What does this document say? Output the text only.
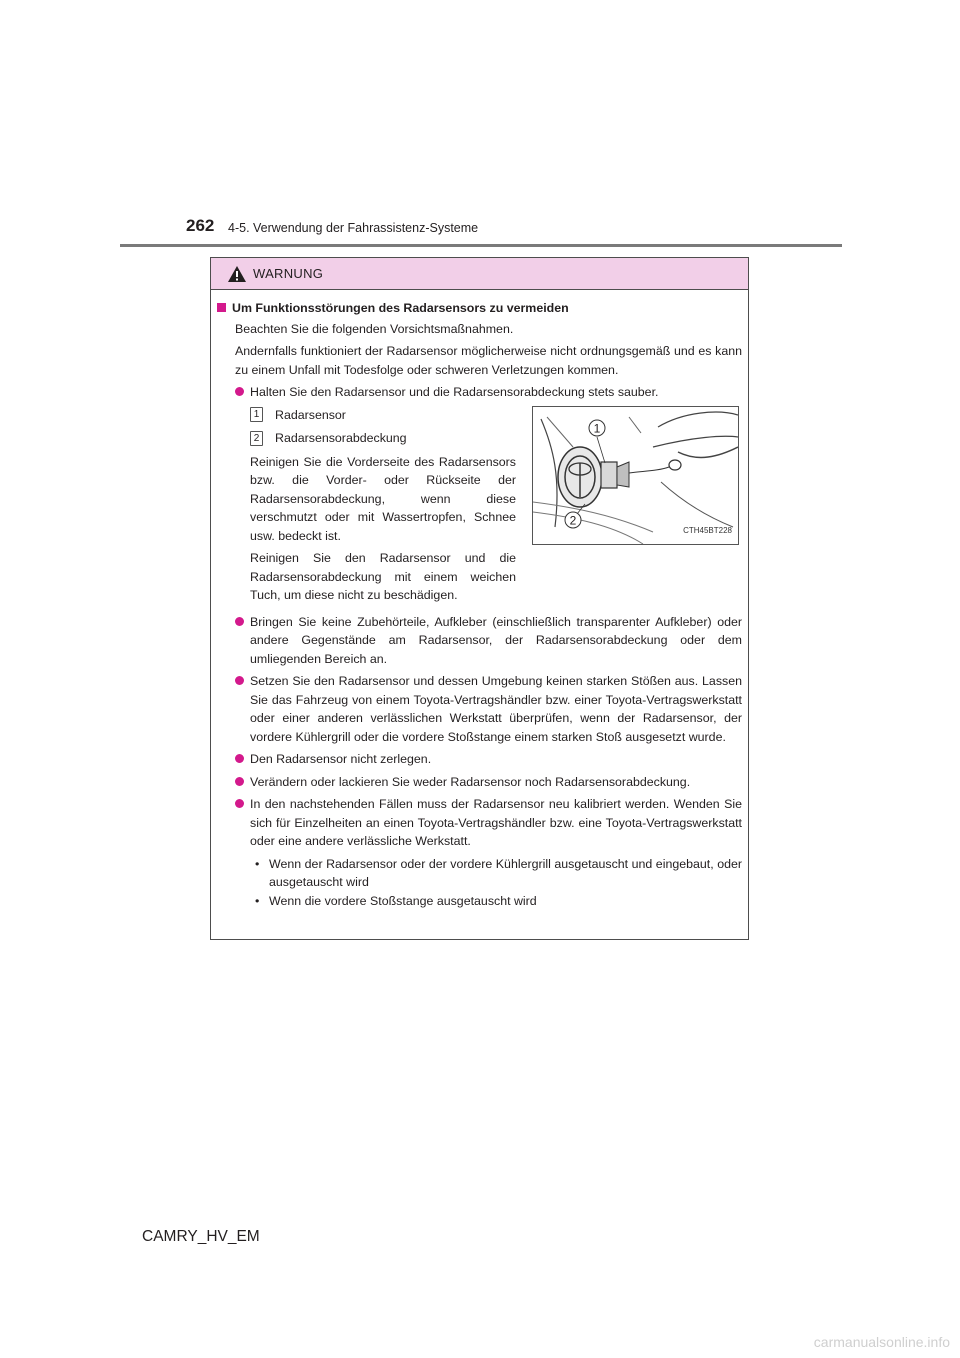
262 4-5. Verwendung der Fahrassistenz-Systeme
WARNUNG
Um Funktionsstörungen des Radarsensors zu vermeiden

Beachten Sie die folgenden Vorsichtsmaßnahmen.

Andernfalls funktioniert der Radarsensor möglicherweise nicht ordnungsgemäß und es kann zu einem Unfall mit Todesfolge oder schweren Verletzungen kommen.

Halten Sie den Radarsensor und die Radarsensorabdeckung stets sauber.
1 Radarsensor
2 Radarsensorabdeckung

Reinigen Sie die Vorderseite des Radarsensors bzw. die Vorder- oder Rückseite der Radarsensorabdeckung, wenn diese verschmutzt oder mit Wassertropfen, Schnee usw. bedeckt ist.

Reinigen Sie den Radarsensor und die Radarsensorabdeckung mit einem weichen Tuch, um diese nicht zu beschädigen.

1
2
CTH45BT228
Bringen Sie keine Zubehörteile, Aufkleber (einschließlich transparenter Aufkleber) oder andere Gegenstände am Radarsensor, der Radarsensorabdeckung oder dem umliegenden Bereich an.
Setzen Sie den Radarsensor und dessen Umgebung keinen starken Stößen aus. Lassen Sie das Fahrzeug von einem Toyota-Vertragshändler bzw. einer Toyota-Vertragswerkstatt oder einer anderen verlässlichen Werkstatt überprüfen, wenn der Radarsensor, der vordere Kühlergrill oder die vordere Stoßstange einem starken Stoß ausgesetzt wurde.
Den Radarsensor nicht zerlegen.
Verändern oder lackieren Sie weder Radarsensor noch Radarsensorabdeckung.
In den nachstehenden Fällen muss der Radarsensor neu kalibriert werden. Wenden Sie sich für Einzelheiten an einen Toyota-Vertragshändler bzw. eine Toyota-Vertragswerkstatt oder eine andere verlässliche Werkstatt.
• Wenn der Radarsensor oder der vordere Kühlergrill ausgetauscht und eingebaut, oder ausgetauscht wird
• Wenn die vordere Stoßstange ausgetauscht wird
CAMRY_HV_EM
carmanualsonline.info
